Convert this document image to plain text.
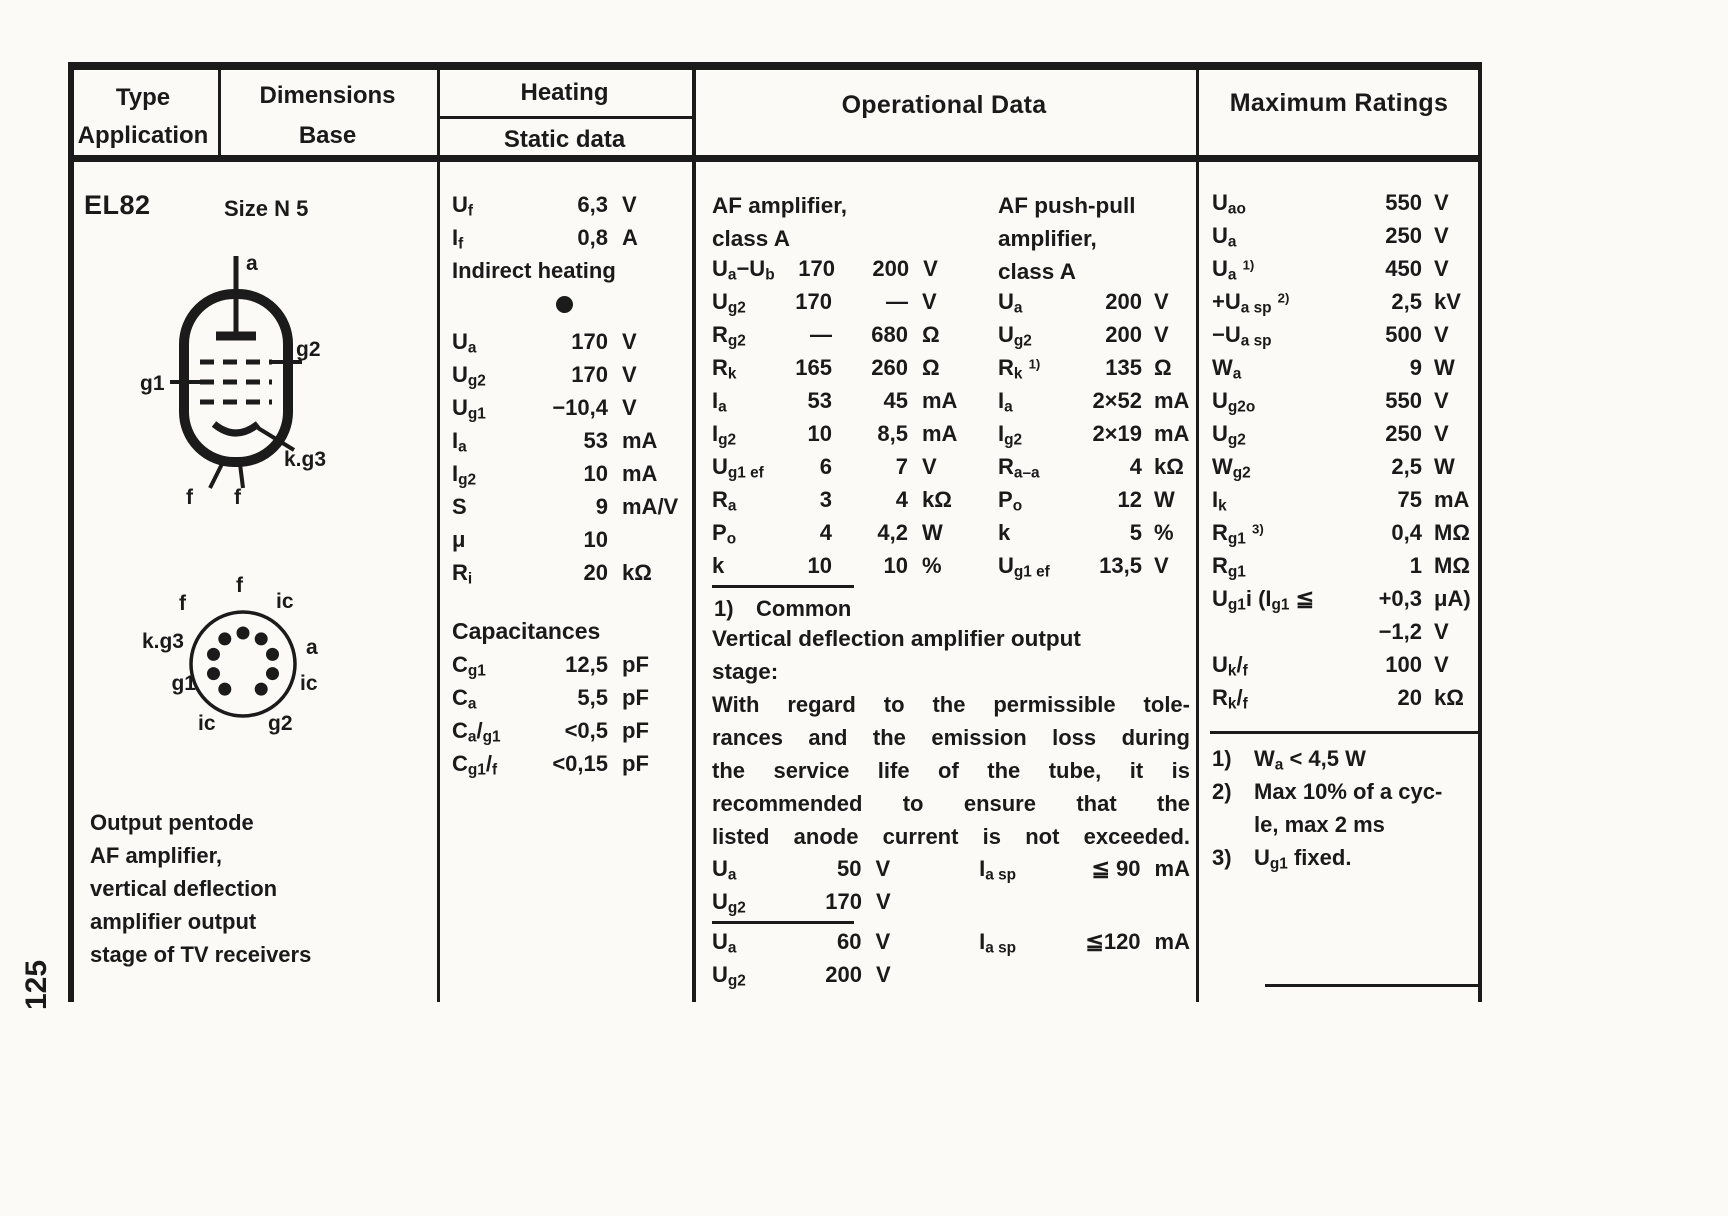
Type
Application
Dimensions
Base
Heating
Static data
Operational Data	Maximum Ratings
EL82	Size N 5
a
g2
g1
k.g3
f f
f
f
ic
k.g3	a
g1	ic
ic g2
Output pentode
AF amplifier,
vertical deflection
amplifier output
stage of TV receivers
125
$U_f$	6,3 V
$I_f$	0,8 A
Indirect heating
$U_a$	170 V
$U_{g2}$	170 V
$U_{g1}$	−10,4 V
$I_a$	53 mA
$I_{g2}$	10 mA
S	9 mA/V
μ	10
$R_i$	20 kΩ
Capacitances
$C_{g1}$	12,5 pF
$C_a$	5,5 pF
$C_a/_{g1}$	<0,5 pF
$C_{g1}/_f$	<0,15 pF
AF amplifier,
class A
$U_a-U_b$	170	200 V
$U_{g2}$	170	— V
$R_{g2}$	—	680 Ω
$R_k$	165	260 Ω
$I_a$	53	45 mA
$I_{g2}$	10	8,5 mA
$U_{g1 ef}$	6	7 V
$R_a$	3	4 kΩ
$P_o$	4	4,2 W
k	10	10 %
AF push-pull
amplifier,
class A
$U_a$	200 V
$U_{g2}$	200 V
$R_k$ $^{1)}$	135 Ω
$I_a$	2×52 mA
$I_{g2}$	2×19 mA
$R_{a-a}$	4 kΩ
$P_o$	12 W
k	5 %
$U_{g1 ef}$	13,5 V
1)	Common
Vertical deflection amplifier output
stage:
With regard to the permissible tole-
rances and the emission loss during
the service life of the tube, it is
recommended to ensure that the
listed anode current is not exceeded.
$U_a$	50 V	$I_{a sp}$	≦ 90 mA
$U_{g2}$	170 V
$U_a$	60 V	$I_{a sp}$	≦120 mA
$U_{g2}$	200 V
$U_{ao}$	550 V
$U_a$	250 V
$U_a$ $^{1)}$	450 V
$+U_{a sp}$ $^{2)}$	2,5 kV
$-U_{a sp}$	500 V
$W_a$	9 W
$U_{g2o}$	550 V
$U_{g2}$	250 V
$W_{g2}$	2,5 W
$I_k$	75 mA
$R_{g1}$ $^{3)}$	0,4 MΩ
$R_{g1}$	1 MΩ
$U_{g1}i$ ($I_{g1}$ ≦	+0,3 μA)
−1,2 V
$U_k/_f$	100 V
$R_k/_f$	20 kΩ
1)	$W_a < 4,5$ W
2)	Max 10% of a cyc-
le, max 2 ms
3)	$U_{g1}$ fixed.
